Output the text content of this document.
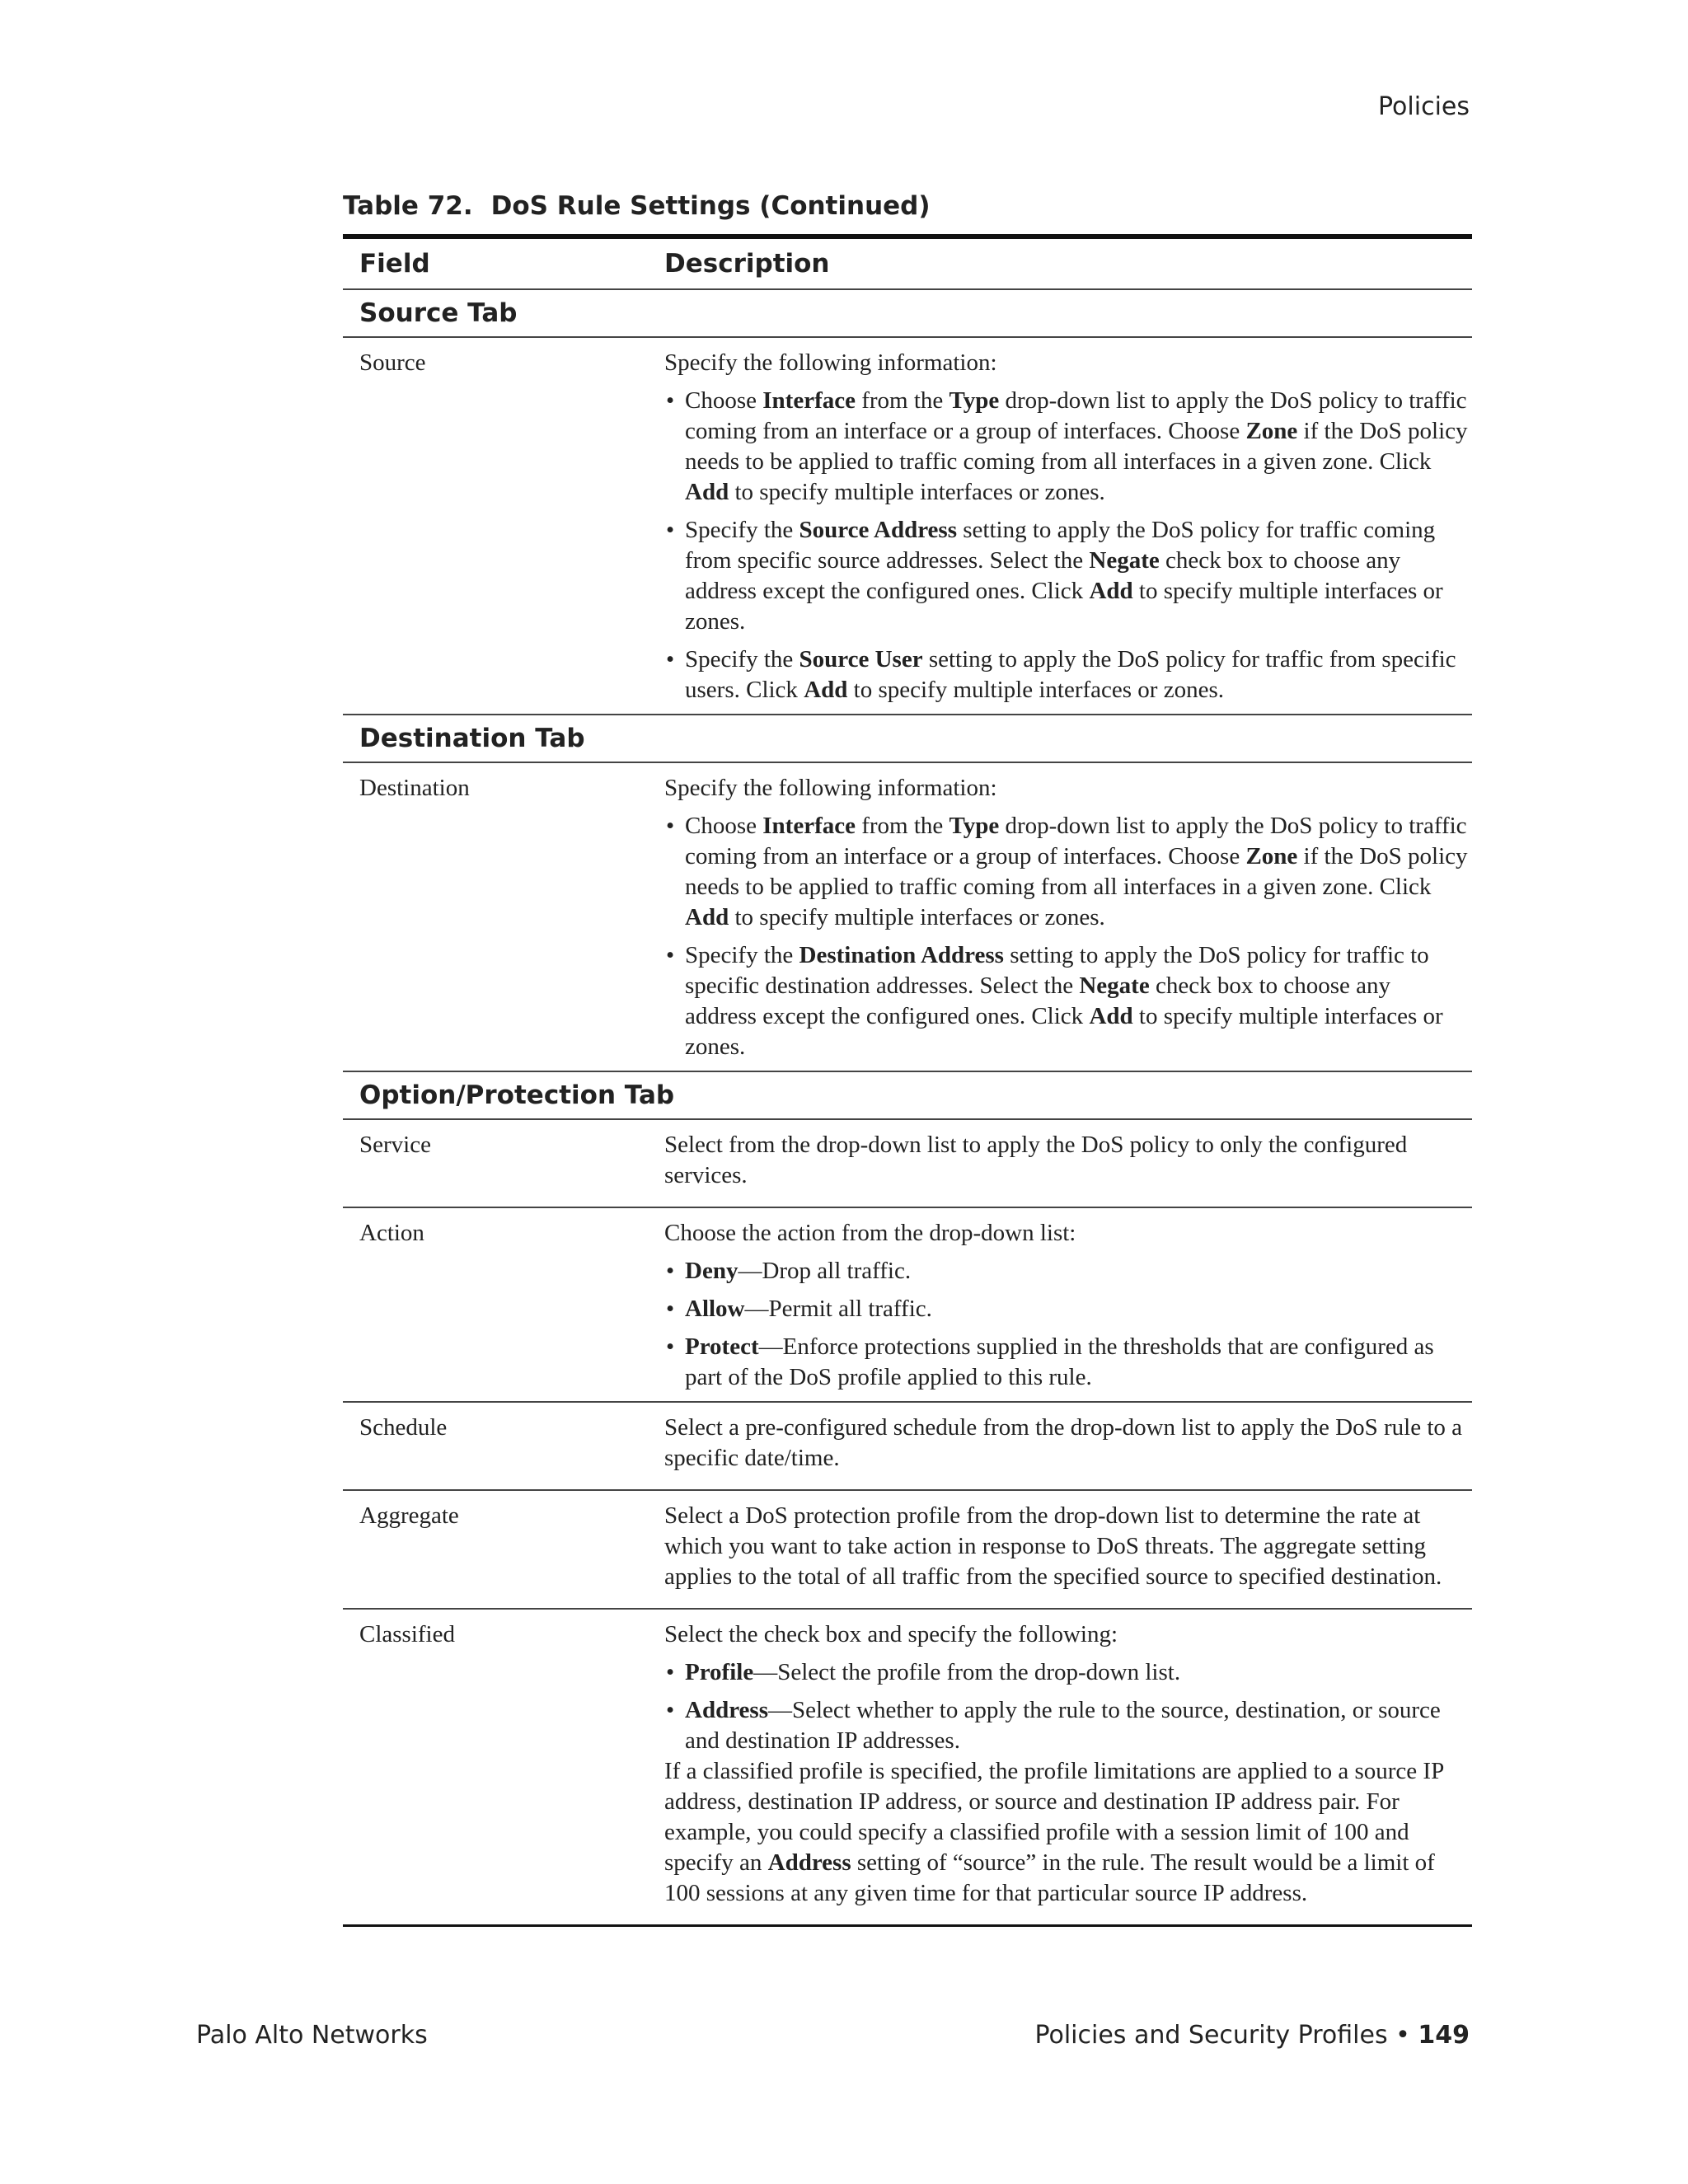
Policies
Table 72. DoS Rule Settings (Continued)
Field	Description
Source Tab
Source	Specify the following information:

• Choose Interface from the Type drop-down list to apply the DoS policy to traffic coming from an interface or a group of interfaces. Choose Zone if the DoS policy needs to be applied to traffic coming from all interfaces in a given zone. Click Add to specify multiple interfaces or zones.
• Specify the Source Address setting to apply the DoS policy for traffic coming from specific source addresses. Select the Negate check box to choose any address except the configured ones. Click Add to specify multiple interfaces or zones.
• Specify the Source User setting to apply the DoS policy for traffic from specific users. Click Add to specify multiple interfaces or zones.
Destination Tab
Destination	Specify the following information:

• Choose Interface from the Type drop-down list to apply the DoS policy to traffic coming from an interface or a group of interfaces. Choose Zone if the DoS policy needs to be applied to traffic coming from all interfaces in a given zone. Click Add to specify multiple interfaces or zones.
• Specify the Destination Address setting to apply the DoS policy for traffic to specific destination addresses. Select the Negate check box to choose any address except the configured ones. Click Add to specify multiple interfaces or zones.
Option/Protection Tab
Service	Select from the drop-down list to apply the DoS policy to only the configured services.

Action	Choose the action from the drop-down list:

• Deny—Drop all traffic.
• Allow—Permit all traffic.
• Protect—Enforce protections supplied in the thresholds that are configured as part of the DoS profile applied to this rule.
Schedule	Select a pre-configured schedule from the drop-down list to apply the DoS rule to a specific date/time.

Aggregate	Select a DoS protection profile from the drop-down list to determine the rate at which you want to take action in response to DoS threats. The aggregate setting applies to the total of all traffic from the specified source to specified destination.

Classified	Select the check box and specify the following:

• Profile—Select the profile from the drop-down list.
• Address—Select whether to apply the rule to the source, destination, or source and destination IP addresses.

If a classified profile is specified, the profile limitations are applied to a source IP address, destination IP address, or source and destination IP address pair. For example, you could specify a classified profile with a session limit of 100 and specify an Address setting of “source” in the rule. The result would be a limit of 100 sessions at any given time for that particular source IP address.

Palo Alto Networks	Policies and Security Profiles • 149
